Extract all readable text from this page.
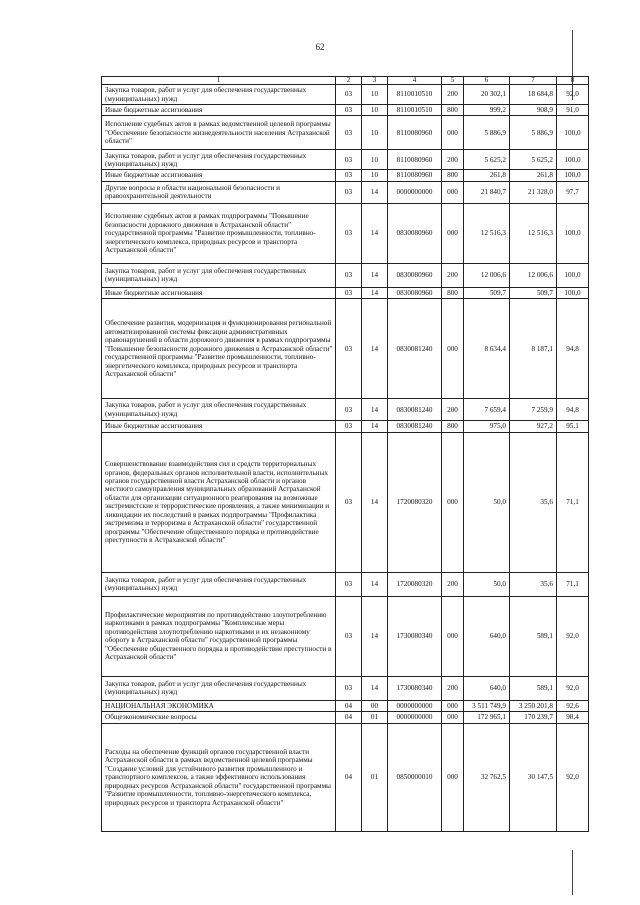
62
1	2	3	4	5	6	7	8
Закупка товаров, работ и услуг для обеспечения государственных (муниципальных) нужд	03	10	8110010510	200	20 302,1	18 684,8	92,0
Иные бюджетные ассигнования	03	10	8110010510	800	999,2	908,9	91,0
Исполнение судебных актов в рамках ведомственной целевой программы "Обеспечение безопасности жизнедеятельности населения Астраханской области"	03	10	8110080960	000	5 886,9	5 886,9	100,0
Закупка товаров, работ и услуг для обеспечения государственных (муниципальных) нужд	03	10	8110080960	200	5 625,2	5 625,2	100,0
Иные бюджетные ассигнования	03	10	8110080960	800	261,8	261,8	100,0
Другие вопросы в области национальной безопасности и правоохранительной деятельности	03	14	0000000000	000	21 840,7	21 328,0	97,7
Исполнение судебных актов в рамках подпрограммы "Повышение безопасности дорожного движения в Астраханской области" государственной программы "Развитие промышленности, топливно-энергетического комплекса, природных ресурсов и транспорта Астраханской области"	03	14	0830080960	000	12 516,3	12 516,3	100,0
Закупка товаров, работ и услуг для обеспечения государственных (муниципальных) нужд	03	14	0830080960	200	12 006,6	12 006,6	100,0
Иные бюджетные ассигнования	03	14	0830080960	800	509,7	509,7	100,0
Обеспечение развития, модернизация и функционирования региональной автоматизированной системы фиксации административных правонарушений в области дорожного движения в рамках подпрограммы "Повышение безопасности дорожного движения в Астраханской области" государственной программы "Развитие промышленности, топливно-энергетического комплекса, природных ресурсов и транспорта Астраханской области"	03	14	0830081240	000	8 634,4	8 187,1	94,8
Закупка товаров, работ и услуг для обеспечения государственных (муниципальных) нужд	03	14	0830081240	200	7 659,4	7 259,9	94,8
Иные бюджетные ассигнования	03	14	0830081240	800	975,0	927,2	95,1
Совершенствование взаимодействия сил и средств территориальных органов, федеральных органов исполнительной власти, исполнительных органов государственной власти Астраханской области и органов местного самоуправления муниципальных образований Астраханской области для организации ситуационного реагирования на возможные экстремистские и террористические проявления, а также минимизации и ликвидации их последствий в рамках подпрограммы "Профилактика экстремизма и терроризма в Астраханской области" государственной программы "Обеспечение общественного порядка и противодействие преступности в Астраханской области"	03	14	1720080320	000	50,0	35,6	71,1
Закупка товаров, работ и услуг для обеспечения государственных (муниципальных) нужд	03	14	1720080320	200	50,0	35,6	71,1
Профилактические мероприятия по противодействию злоупотреблению наркотиками в рамках подпрограммы "Комплексные меры противодействия злоупотреблению наркотиками и их незаконному обороту в Астраханской области" государственной программы "Обеспечение общественного порядка и противодействие преступности в Астраханской области"	03	14	1730080340	000	640,0	589,1	92,0
Закупка товаров, работ и услуг для обеспечения государственных (муниципальных) нужд	03	14	1730080340	200	640,0	589,1	92,0
НАЦИОНАЛЬНАЯ ЭКОНОМИКА	04	00	0000000000	000	3 511 749,9	3 250 201,8	92,6
Общеэкономические вопросы	04	01	0000000000	000	172 965,1	170 239,7	98,4
Расходы на обеспечение функций органов государственной власти Астраханской области в рамках ведомственной целевой программы "Создание условий для устойчивого развития промышленного и транспортного комплексов, а также эффективного использования природных ресурсов Астраханской области" государственной программы "Развитие промышленности, топливно-энергетического комплекса, природных ресурсов и транспорта Астраханской области"	04	01	0850000010	000	32 762,5	30 147,5	92,0
